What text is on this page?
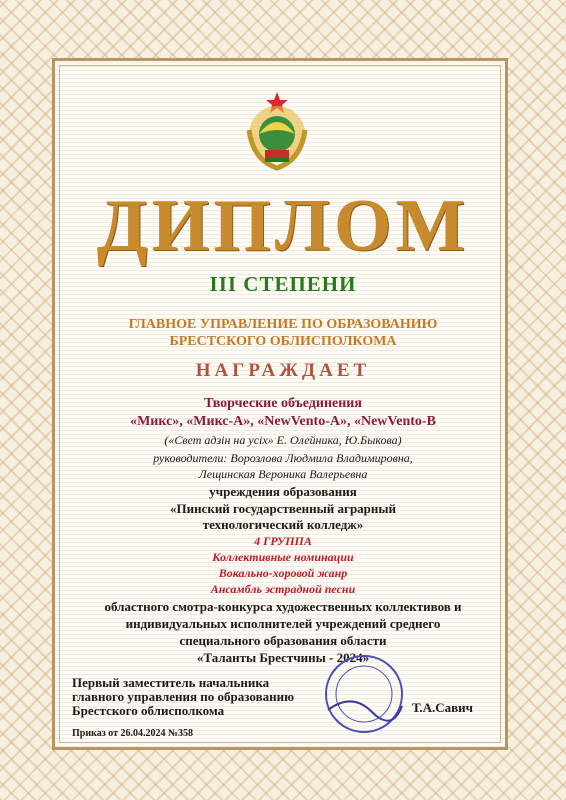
ДИПЛОМ
III СТЕПЕНИ
ГЛАВНОЕ УПРАВЛЕНИЕ ПО ОБРАЗОВАНИЮ
БРЕСТСКОГО ОБЛИСПОЛКОМА
НАГРАЖДАЕТ
Творческие объединения
«Микс», «Микс-А», «NewVento-A», «NewVento-B
(«Свет адзін на усіх» Е. Олейника, Ю.Быкова)
руководители: Ворозлова Людмила Владимировна,
Лещинская Вероника Валерьевна
учреждения образования
«Пинский государственный аграрный
технологический колледж»
4 ГРУППА
Коллективные номинации
Вокально-хоровой жанр
Ансамбль эстрадной песни
областного смотра-конкурса художественных коллективов и
индивидуальных исполнителей учреждений среднего
специального образования области
«Таланты Брестчины - 2024»
Первый заместитель начальника
главного управления по образованию
Брестского облисполкома	Т.А.Савич
Приказ от 26.04.2024 №358
